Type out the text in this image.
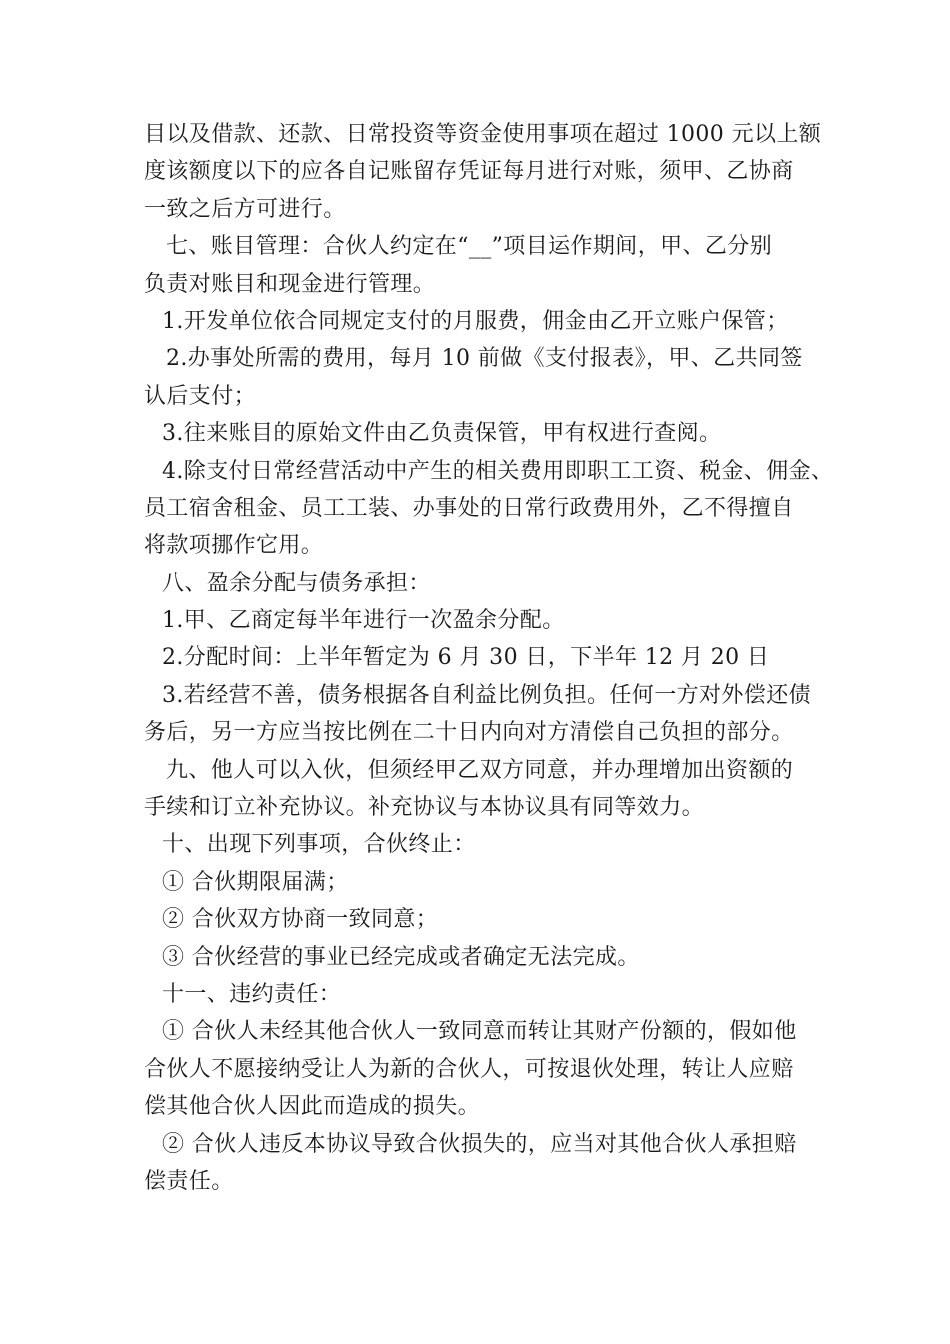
目以及借款、还款、日常投资等资金使用事项在超过 1000 元以上额
度该额度以下的应各自记账留存凭证每月进行对账，须甲、乙协商
一致之后方可进行。
七、账目管理：合伙人约定在“__”项目运作期间，甲、乙分别
负责对账目和现金进行管理。
1.开发单位依合同规定支付的月服费，佣金由乙开立账户保管；
2.办事处所需的费用，每月 10 前做《支付报表》，甲、乙共同签
认后支付；
3.往来账目的原始文件由乙负责保管，甲有权进行查阅。
4.除支付日常经营活动中产生的相关费用即职工工资、税金、佣金、
员工宿舍租金、员工工装、办事处的日常行政费用外，乙不得擅自
将款项挪作它用。
八、盈余分配与债务承担：
1.甲、乙商定每半年进行一次盈余分配。
2.分配时间：上半年暂定为 6 月 30 日，下半年 12 月 20 日
3.若经营不善，债务根据各自利益比例负担。任何一方对外偿还债
务后，另一方应当按比例在二十日内向对方清偿自己负担的部分。
九、他人可以入伙，但须经甲乙双方同意，并办理增加出资额的
手续和订立补充协议。补充协议与本协议具有同等效力。
十、出现下列事项，合伙终止：
① 合伙期限届满；
② 合伙双方协商一致同意；
③ 合伙经营的事业已经完成或者确定无法完成。
十一、违约责任：
① 合伙人未经其他合伙人一致同意而转让其财产份额的，假如他
合伙人不愿接纳受让人为新的合伙人，可按退伙处理，转让人应赔
偿其他合伙人因此而造成的损失。
② 合伙人违反本协议导致合伙损失的，应当对其他合伙人承担赔
偿责任。
